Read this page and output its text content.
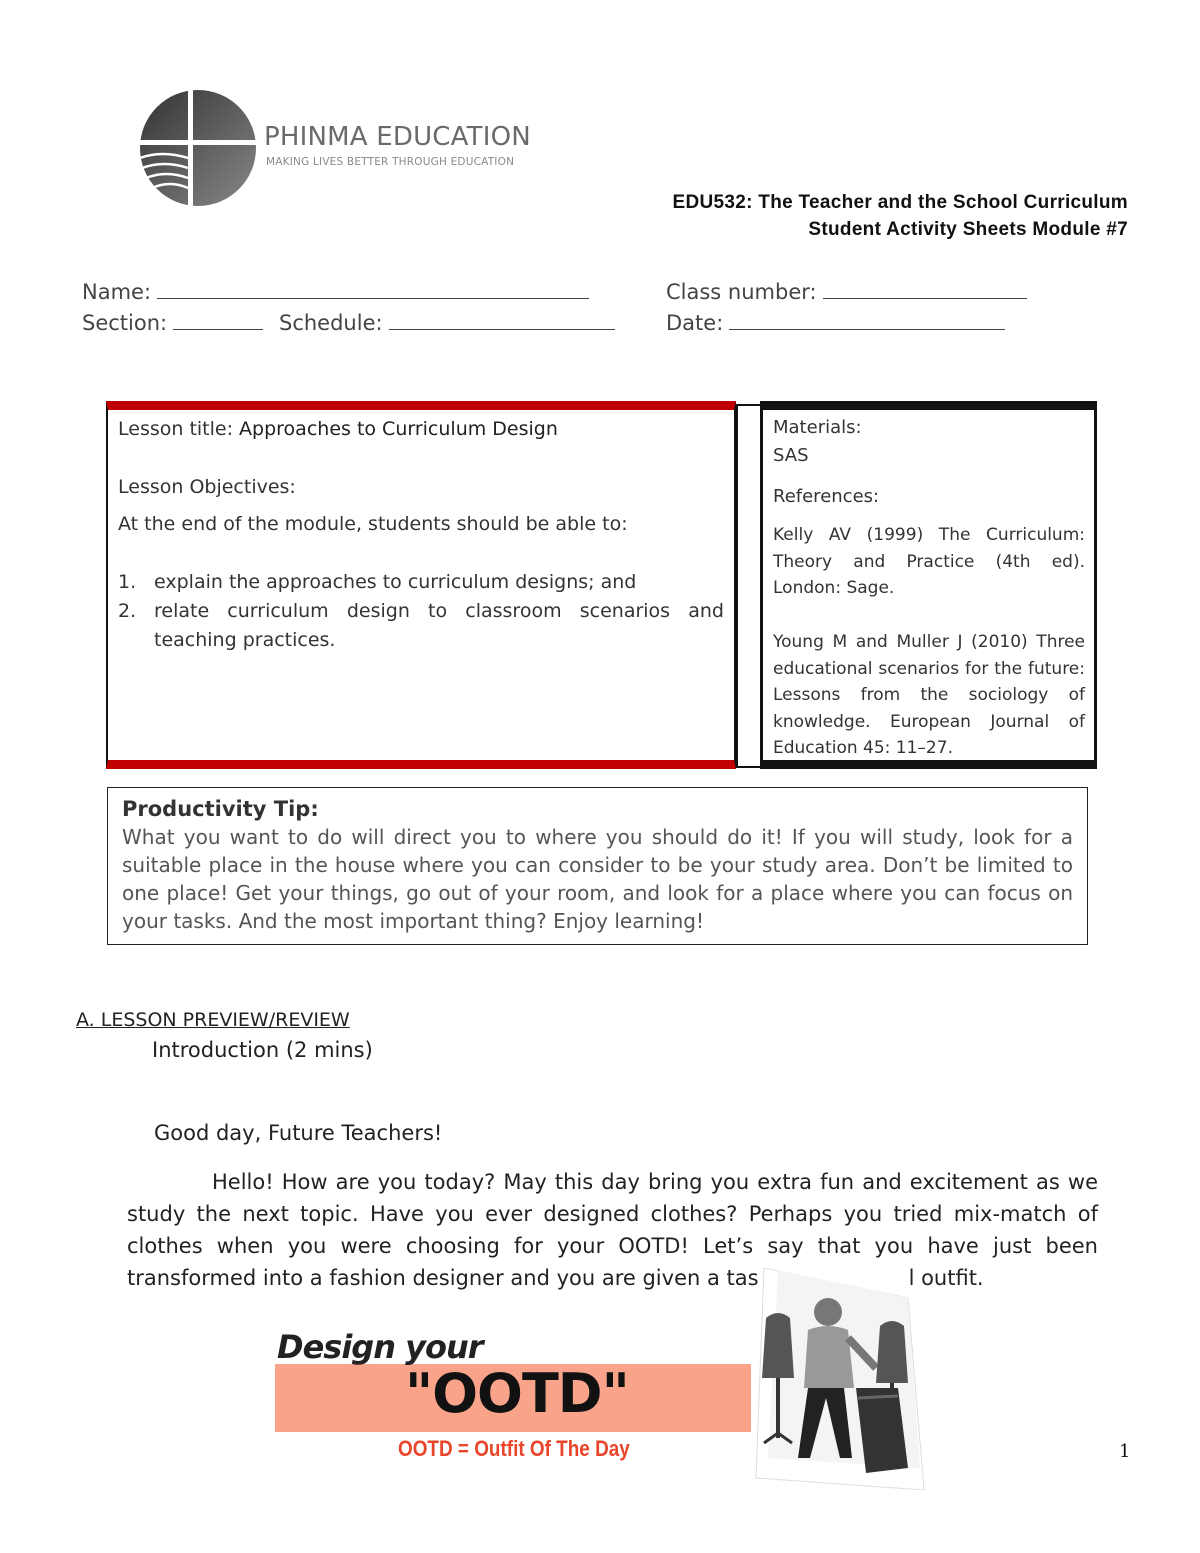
PHINMA EDUCATION
MAKING LIVES BETTER THROUGH EDUCATION
EDU532: The Teacher and the School Curriculum
Student Activity Sheets Module #7
Name:	Class number:
Section:	Schedule:	Date:
Lesson title: Approaches to Curriculum Design
Lesson Objectives:
At the end of the module, students should be able to:
1. explain the approaches to curriculum designs; and
2. relate curriculum design to classroom scenarios and teaching practices.
Materials:
SAS
References:
Kelly AV (1999) The Curriculum: Theory and Practice (4th ed). London: Sage.
Young M and Muller J (2010) Three educational scenarios for the future: Lessons from the sociology of knowledge. European Journal of Education 45: 11–27.
Productivity Tip:
What you want to do will direct you to where you should do it! If you will study, look for a suitable place in the house where you can consider to be your study area. Don’t be limited to one place! Get your things, go out of your room, and look for a place where you can focus on your tasks. And the most important thing? Enjoy learning!
A. LESSON PREVIEW/REVIEW
Introduction (2 mins)
Good day, Future Teachers!
Hello! How are you today? May this day bring you extra fun and excitement as we study the next topic. Have you ever designed clothes? Perhaps you tried mix-match of clothes when you were choosing for your OOTD! Let’s say that you have just been transformed into a fashion designer and you are given a tas	l outfit.
Design your
"OOTD"
OOTD = Outfit Of The Day	1
